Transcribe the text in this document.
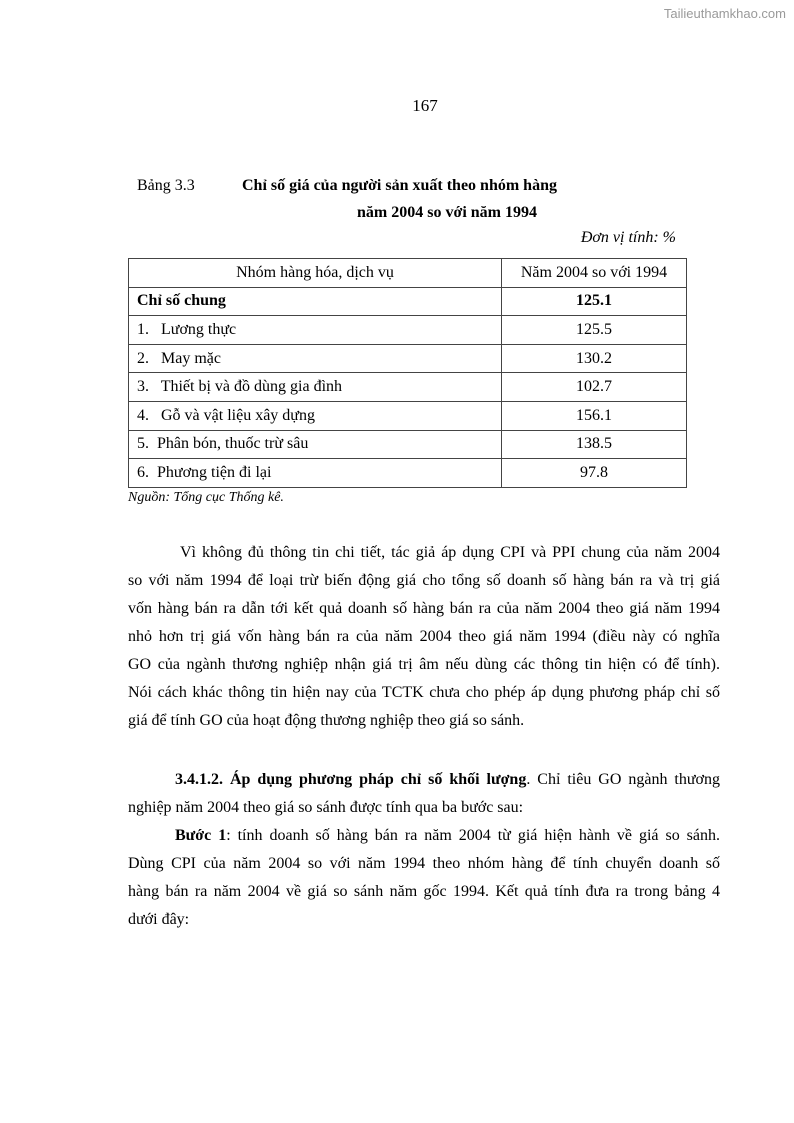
Tailieuthamkhao.com
167
Bảng 3.3	Chỉ số giá của người sản xuất theo nhóm hàng
năm 2004 so với năm 1994
Đơn vị tính: %
Nhóm hàng hóa, dịch vụ	Năm 2004 so với 1994
Chỉ số chung	125.1
1.   Lương thực	125.5
2.   May mặc	130.2
3.   Thiết bị và đồ dùng gia đình	102.7
4.   Gỗ và vật liệu xây dựng	156.1
5.  Phân bón, thuốc trừ sâu	138.5
6.  Phương tiện đi lại	97.8
Nguồn: Tổng cục Thống kê.
Vì không đủ thông tin chi tiết, tác giả áp dụng CPI và PPI chung của năm 2004
so với năm 1994 để loại trừ biến động giá cho tổng số doanh số hàng bán ra và trị giá
vốn hàng bán ra dẫn tới kết quả doanh số hàng bán ra của năm 2004 theo giá năm 1994
nhỏ hơn trị giá vốn hàng bán ra của năm 2004 theo giá năm 1994 (điều này có nghĩa
GO của ngành thương nghiệp nhận giá trị âm nếu dùng các thông tin hiện có để tính).
Nói cách khác thông tin hiện nay của TCTK chưa cho phép áp dụng phương pháp chỉ số
giá để tính GO của hoạt động thương nghiệp theo giá so sánh.
3.4.1.2. Áp dụng phương pháp chỉ số khối lượng. Chỉ tiêu GO ngành thương
nghiệp năm 2004 theo giá so sánh được tính qua ba bước sau:
Bước 1: tính doanh số hàng bán ra năm 2004 từ giá hiện hành về giá so sánh.
Dùng CPI của năm 2004 so với năm 1994 theo nhóm hàng để tính chuyển doanh số
hàng bán ra năm 2004 về giá so sánh năm gốc 1994. Kết quả tính đưa ra trong bảng 4
dưới đây:
